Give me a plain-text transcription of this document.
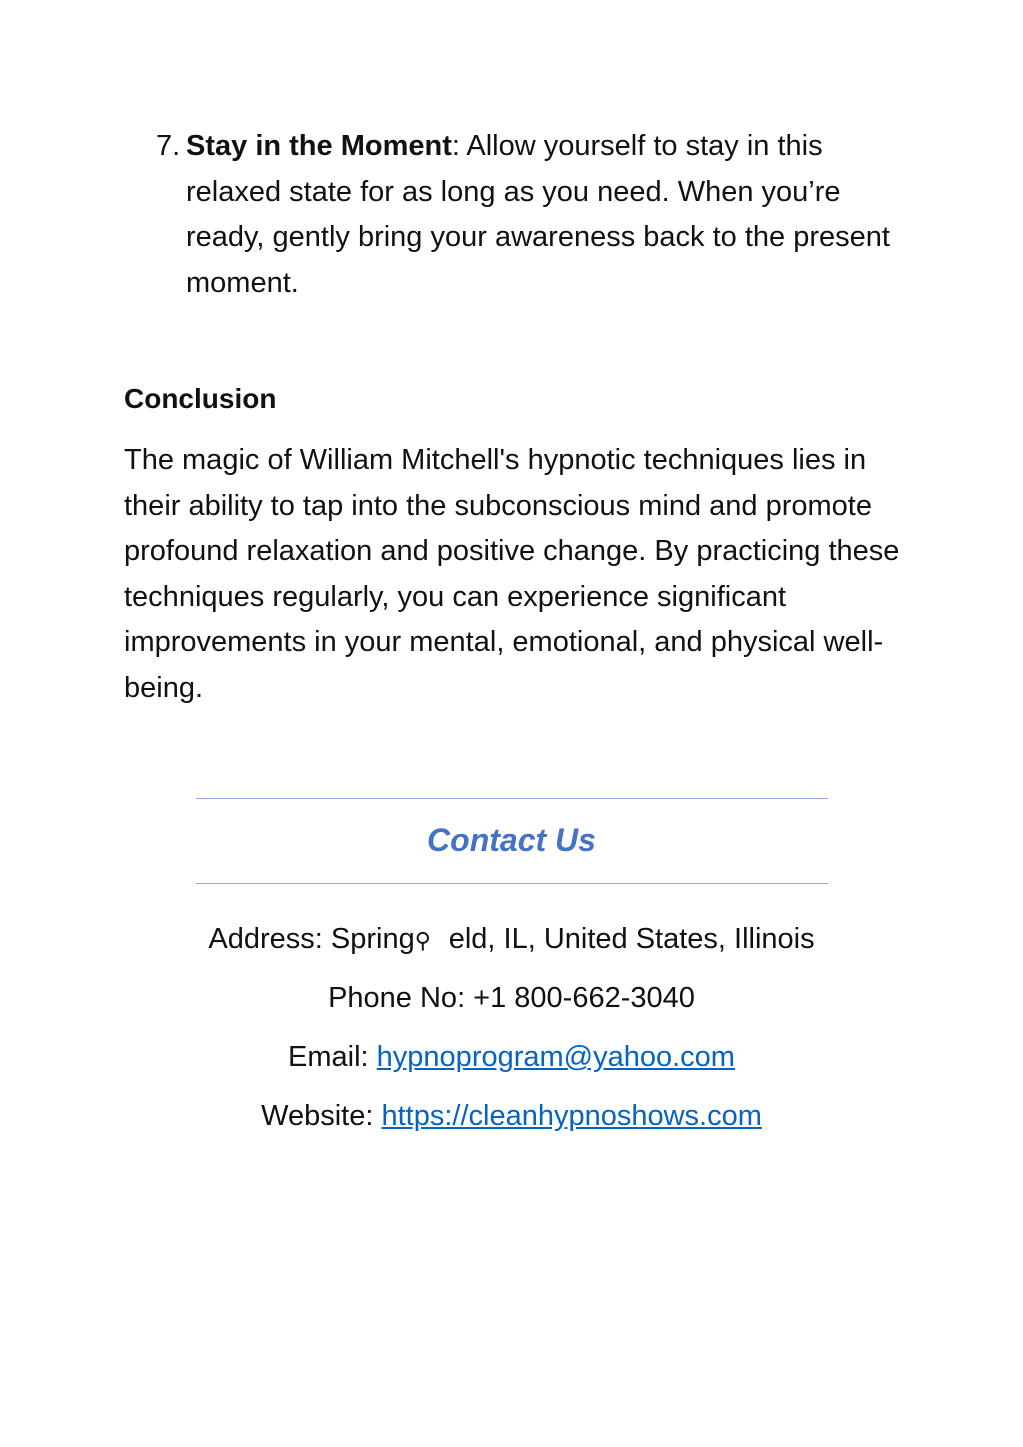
7. Stay in the Moment: Allow yourself to stay in this relaxed state for as long as you need. When you’re ready, gently bring your awareness back to the present moment.
Conclusion
The magic of William Mitchell's hypnotic techniques lies in their ability to tap into the subconscious mind and promote profound relaxation and positive change. By practicing these techniques regularly, you can experience significant improvements in your mental, emotional, and physical well-being.
Contact Us
Address: Spring⚲ eld, IL, United States, Illinois
Phone No: +1 800-662-3040
Email: hypnoprogram@yahoo.com
Website: https://cleanhypnoshows.com
